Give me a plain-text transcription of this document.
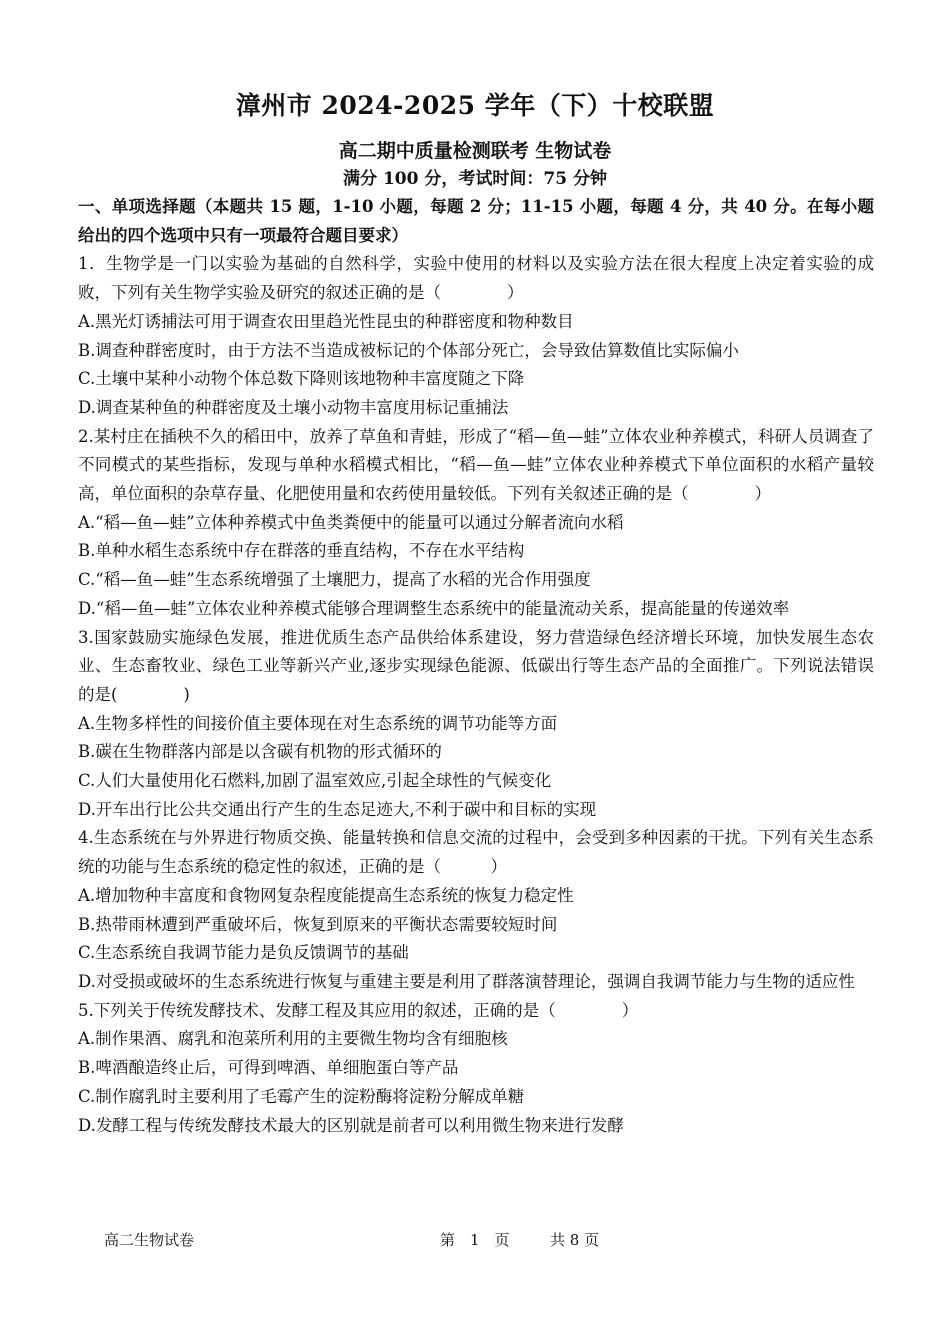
漳州市 2024-2025 学年（下）十校联盟
高二期中质量检测联考 生物试卷
满分 100 分，考试时间：75 分钟

一、单项选择题（本题共 15 题，1-10 小题，每题 2 分；11-15 小题，每题 4 分，共 40 分。在每小题给出的四个选项中只有一项最符合题目要求）

1．生物学是一门以实验为基础的自然科学，实验中使用的材料以及实验方法在很大程度上决定着实验的成败，下列有关生物学实验及研究的叙述正确的是（　　　　）

A.黑光灯诱捕法可用于调查农田里趋光性昆虫的种群密度和物种数目

B.调查种群密度时，由于方法不当造成被标记的个体部分死亡，会导致估算数值比实际偏小

C.土壤中某种小动物个体总数下降则该地物种丰富度随之下降

D.调查某种鱼的种群密度及土壤小动物丰富度用标记重捕法

2.某村庄在插秧不久的稻田中，放养了草鱼和青蛙，形成了“稻—鱼—蛙”立体农业种养模式，科研人员调查了不同模式的某些指标，发现与单种水稻模式相比，“稻—鱼—蛙”立体农业种养模式下单位面积的水稻产量较高，单位面积的杂草存量、化肥使用量和农药使用量较低。下列有关叙述正确的是（　　　　）

A.“稻—鱼—蛙”立体种养模式中鱼类粪便中的能量可以通过分解者流向水稻

B.单种水稻生态系统中存在群落的垂直结构，不存在水平结构

C.“稻—鱼—蛙”生态系统增强了土壤肥力，提高了水稻的光合作用强度

D.“稻—鱼—蛙”立体农业种养模式能够合理调整生态系统中的能量流动关系，提高能量的传递效率

3.国家鼓励实施绿色发展，推进优质生态产品供给体系建设，努力营造绿色经济增长环境，加快发展生态农业、生态畜牧业、绿色工业等新兴产业,逐步实现绿色能源、低碳出行等生态产品的全面推广。下列说法错误的是(　　　　)

A.生物多样性的间接价值主要体现在对生态系统的调节功能等方面

B.碳在生物群落内部是以含碳有机物的形式循环的

C.人们大量使用化石燃料,加剧了温室效应,引起全球性的气候变化

D.开车出行比公共交通出行产生的生态足迹大,不利于碳中和目标的实现

4.生态系统在与外界进行物质交换、能量转换和信息交流的过程中，会受到多种因素的干扰。下列有关生态系统的功能与生态系统的稳定性的叙述，正确的是（　　　）

A.增加物种丰富度和食物网复杂程度能提高生态系统的恢复力稳定性

B.热带雨林遭到严重破坏后，恢复到原来的平衡状态需要较短时间

C.生态系统自我调节能力是负反馈调节的基础

D.对受损或破坏的生态系统进行恢复与重建主要是利用了群落演替理论，强调自我调节能力与生物的适应性

5.下列关于传统发酵技术、发酵工程及其应用的叙述，正确的是（　　　　）

A.制作果酒、腐乳和泡菜所利用的主要微生物均含有细胞核

B.啤酒酿造终止后，可得到啤酒、单细胞蛋白等产品

C.制作腐乳时主要利用了毛霉产生的淀粉酶将淀粉分解成单糖

D.发酵工程与传统发酵技术最大的区别就是前者可以利用微生物来进行发酵

高二生物试卷	第　1　页	共 8 页
